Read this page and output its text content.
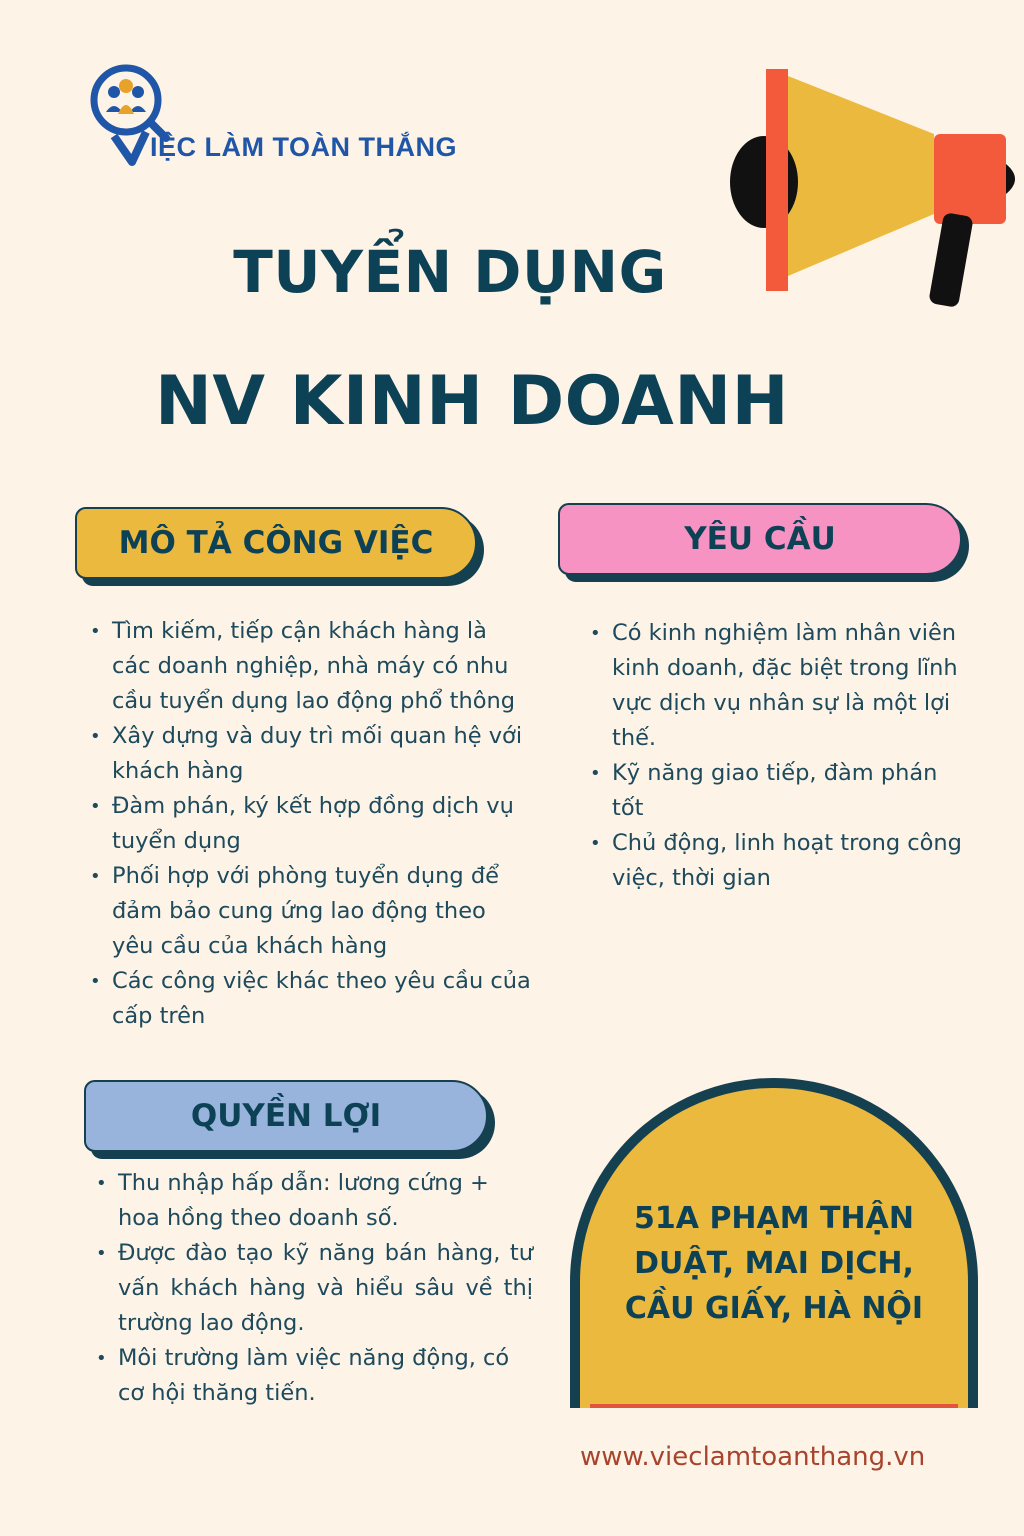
IỆC LÀM TOÀN THẮNG
TUYỂN DỤNG
NV KINH DOANH
MÔ TẢ CÔNG VIỆC
• Tìm kiếm, tiếp cận khách hàng là các doanh nghiệp, nhà máy có nhu cầu tuyển dụng lao động phổ thông
• Xây dựng và duy trì mối quan hệ với khách hàng
• Đàm phán, ký kết hợp đồng dịch vụ tuyển dụng
• Phối hợp với phòng tuyển dụng để đảm bảo cung ứng lao động theo yêu cầu của khách hàng
• Các công việc khác theo yêu cầu của cấp trên
YÊU CẦU
• Có kinh nghiệm làm nhân viên kinh doanh, đặc biệt trong lĩnh vực dịch vụ nhân sự là một lợi thế.
• Kỹ năng giao tiếp, đàm phán tốt
• Chủ động, linh hoạt trong công việc, thời gian
QUYỀN LỢI
• Thu nhập hấp dẫn: lương cứng + hoa hồng theo doanh số.
• Được đào tạo kỹ năng bán hàng, tư vấn khách hàng và hiểu sâu về thị trường lao động.
• Môi trường làm việc năng động, có cơ hội thăng tiến.
51A PHẠM THẬN DUẬT, MAI DỊCH, CẦU GIẤY, HÀ NỘI
www.vieclamtoanthang.vn
